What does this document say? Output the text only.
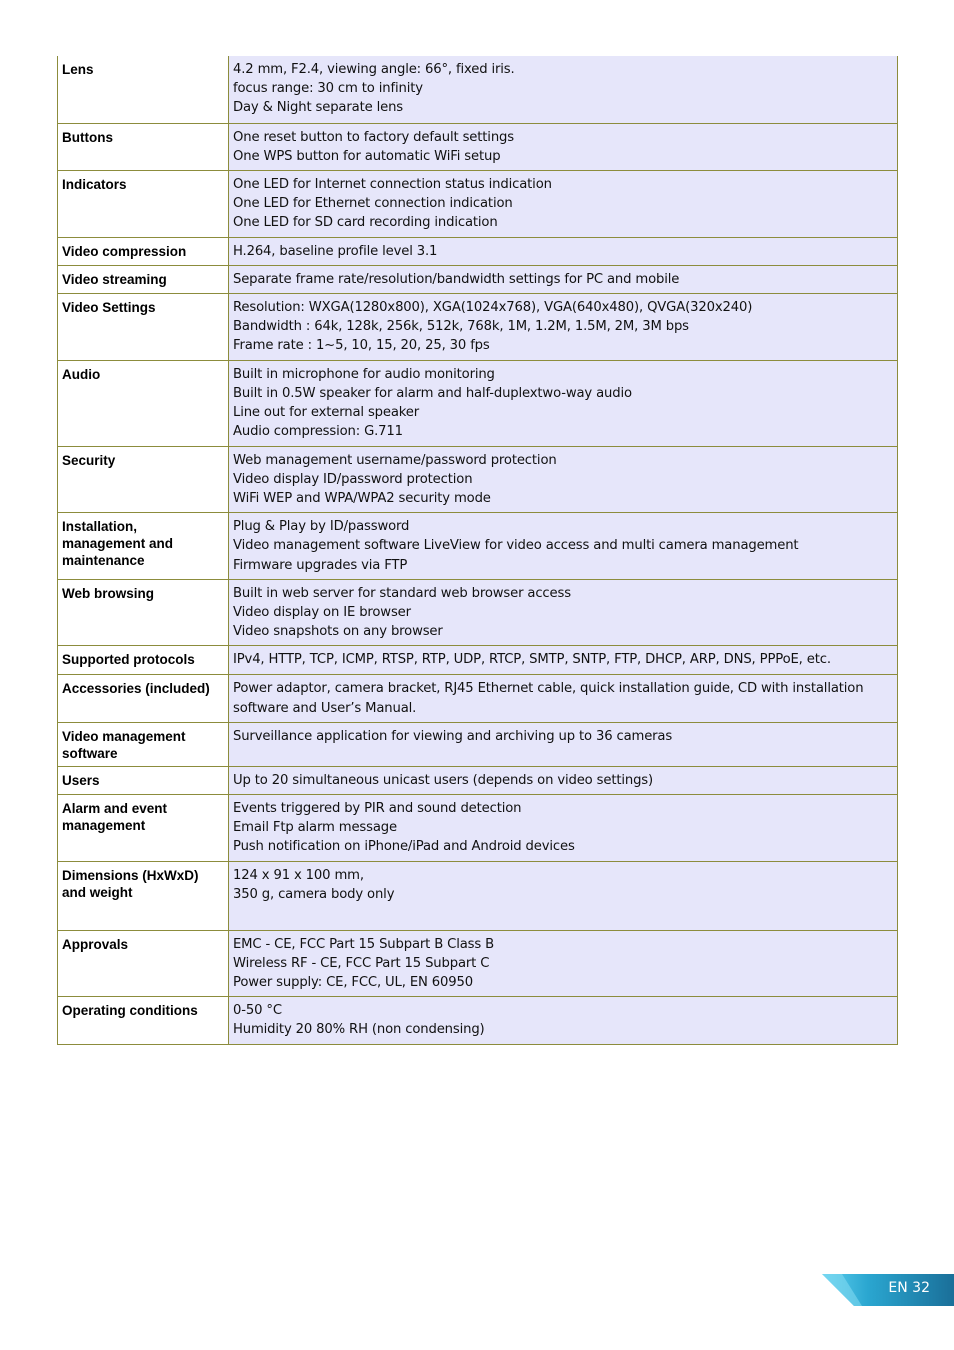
Lens	4.2 mm, F2.4, viewing angle: 66°, fixed iris.
focus range: 30 cm to infinity
Day & Night separate lens

Buttons	One reset button to factory default settings
One WPS button for automatic WiFi setup

Indicators	One LED for Internet connection status indication
One LED for Ethernet connection indication
One LED for SD card recording indication

Video compression	H.264, baseline profile level 3.1

Video streaming	Separate frame rate/resolution/bandwidth settings for PC and mobile

Video Settings	Resolution: WXGA(1280x800), XGA(1024x768), VGA(640x480), QVGA(320x240)
Bandwidth : 64k, 128k, 256k, 512k, 768k, 1M, 1.2M, 1.5M, 2M, 3M bps
Frame rate : 1~5, 10, 15, 20, 25, 30 fps

Audio	Built in microphone for audio monitoring
Built in 0.5W speaker for alarm and half-duplextwo-way audio
Line out for external speaker
Audio compression: G.711

Security	Web management username/password protection
Video display ID/password protection
WiFi WEP and WPA/WPA2 security mode

Installation, management and maintenance	Plug & Play by ID/password
Video management software LiveView for video access and multi camera management
Firmware upgrades via FTP

Web browsing	Built in web server for standard web browser access
Video display on IE browser
Video snapshots on any browser

Supported protocols	IPv4, HTTP, TCP, ICMP, RTSP, RTP, UDP, RTCP, SMTP, SNTP, FTP, DHCP, ARP, DNS, PPPoE, etc.

Accessories (included)	Power adaptor, camera bracket, RJ45 Ethernet cable, quick installation guide, CD with installation software and User’s Manual.

Video management software	Surveillance application for viewing and archiving up to 36 cameras

Users	Up to 20 simultaneous unicast users (depends on video settings)

Alarm and event management	Events triggered by PIR and sound detection
Email Ftp alarm message
Push notification on iPhone/iPad and Android devices

Dimensions (HxWxD) and weight	124 x 91 x 100 mm,
350 g, camera body only

Approvals	EMC - CE, FCC Part 15 Subpart B Class B
Wireless RF - CE, FCC Part 15 Subpart C
Power supply: CE, FCC, UL, EN 60950

Operating conditions	0-50 °C
Humidity 20 80% RH (non condensing)
EN 32
